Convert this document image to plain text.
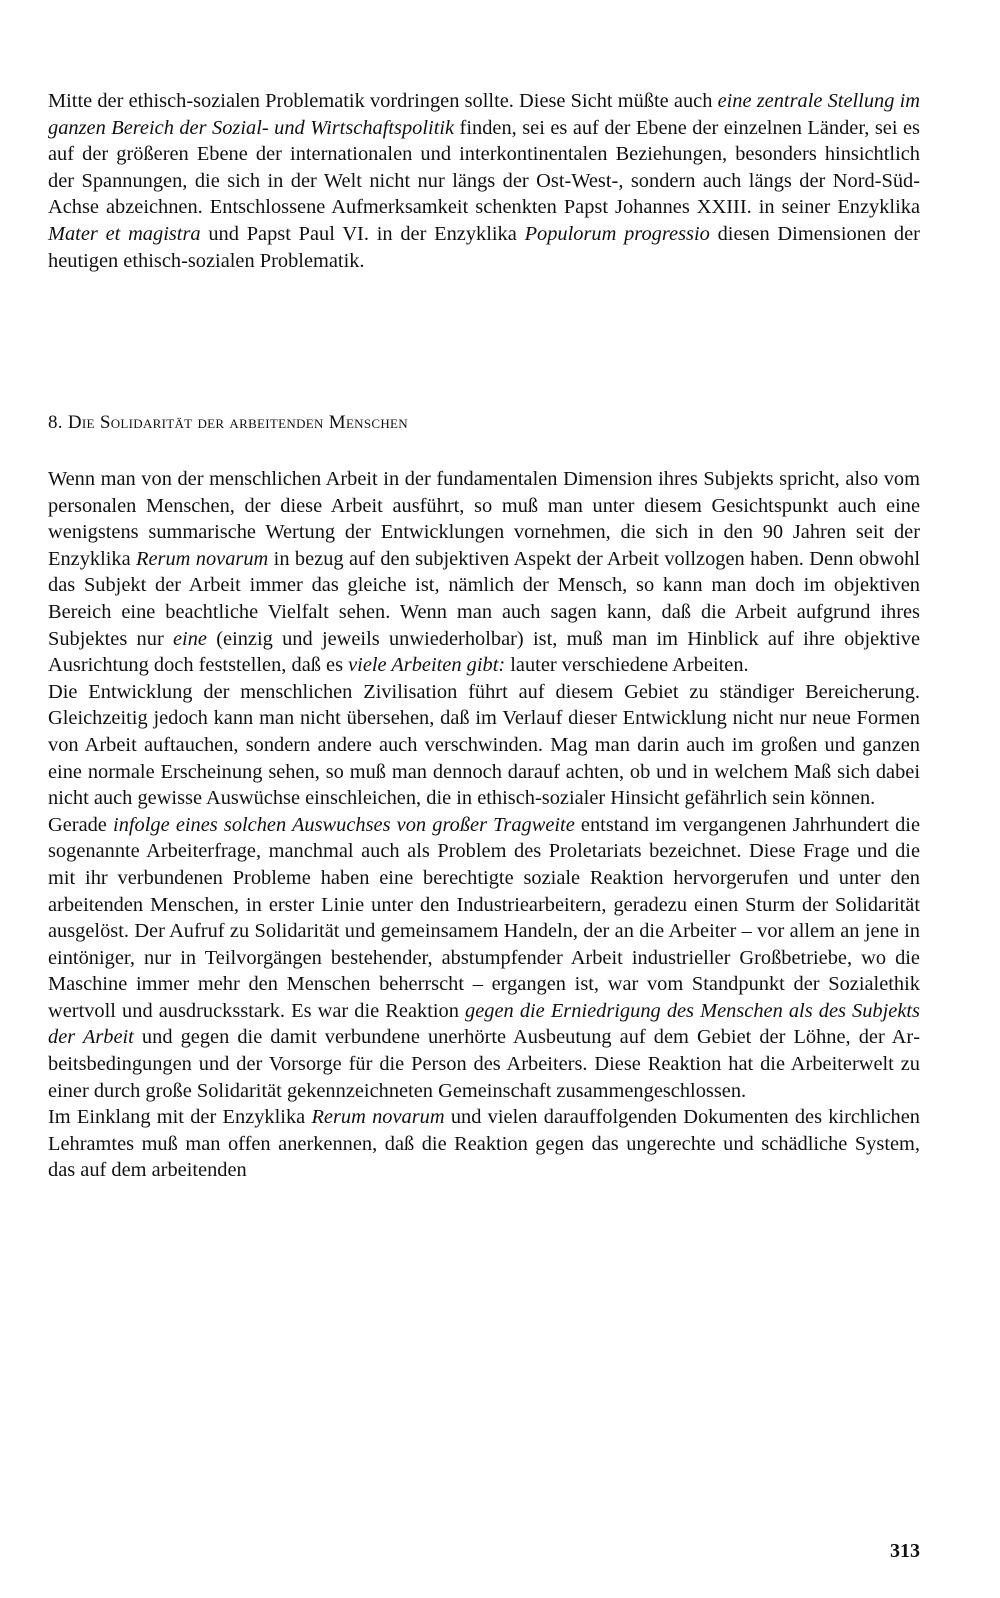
Mitte der ethisch-sozialen Problematik vordringen sollte. Diese Sicht müßte auch eine zentrale Stellung im ganzen Bereich der Sozial- und Wirtschaftspolitik finden, sei es auf der Ebene der einzelnen Länder, sei es auf der größeren Ebene der internationalen und interkontinentalen Beziehungen, besonders hinsichtlich der Spannungen, die sich in der Welt nicht nur längs der Ost-West-, sondern auch längs der Nord-Süd-Achse abzeichnen. Entschlossene Aufmerksamkeit schenkten Papst Johannes XXIII. in seiner Enzyklika Mater et magistra und Papst Paul VI. in der Enzyklika Populorum progressio diesen Dimensionen der heutigen ethisch-sozialen Problematik.

8. Die Solidarität der arbeitenden Menschen

Wenn man von der menschlichen Arbeit in der fundamentalen Dimension ihres Subjekts spricht, also vom personalen Menschen, der diese Arbeit ausführt, so muß man unter diesem Gesichtspunkt auch eine wenigstens summarische Wertung der Entwicklungen vornehmen, die sich in den 90 Jahren seit der Enzyklika Rerum novarum in bezug auf den subjektiven Aspekt der Arbeit vollzogen haben. Denn obwohl das Subjekt der Arbeit immer das gleiche ist, nämlich der Mensch, so kann man doch im objektiven Bereich eine beachtliche Vielfalt sehen. Wenn man auch sagen kann, daß die Arbeit aufgrund ihres Subjektes nur eine (einzig und jeweils unwiederholbar) ist, muß man im Hinblick auf ihre objektive Ausrichtung doch feststellen, daß es viele Arbeiten gibt: lauter verschiedene Arbeiten.

Die Entwicklung der menschlichen Zivilisation führt auf diesem Gebiet zu ständiger Bereicherung. Gleichzeitig jedoch kann man nicht übersehen, daß im Verlauf dieser Entwicklung nicht nur neue Formen von Arbeit auftauchen, sondern andere auch verschwinden. Mag man darin auch im großen und ganzen eine normale Erscheinung sehen, so muß man dennoch darauf achten, ob und in welchem Maß sich dabei nicht auch gewisse Auswüchse einschleichen, die in ethisch-sozialer Hinsicht gefährlich sein können.

Gerade infolge eines solchen Auswuchses von großer Tragweite entstand im vergangenen Jahrhundert die sogenannte Arbeiterfrage, manchmal auch als Problem des Proletariats bezeichnet. Diese Frage und die mit ihr verbundenen Probleme haben eine berechtigte soziale Reaktion hervorgerufen und unter den arbeitenden Menschen, in erster Linie unter den Industriearbeitern, geradezu einen Sturm der Solidarität ausgelöst. Der Aufruf zu Solidarität und gemeinsamem Handeln, der an die Arbeiter – vor allem an jene in eintöniger, nur in Teilvorgängen bestehender, abstumpfender Arbeit industrieller Großbetriebe, wo die Maschine immer mehr den Menschen beherrscht – ergangen ist, war vom Standpunkt der Sozialethik wertvoll und ausdrucksstark. Es war die Reaktion gegen die Erniedrigung des Menschen als des Subjekts der Arbeit und gegen die damit verbundene unerhörte Ausbeutung auf dem Gebiet der Löhne, der Arbeitsbedingungen und der Vorsorge für die Person des Arbeiters. Diese Reaktion hat die Arbeiterwelt zu einer durch große Solidarität gekennzeichneten Gemeinschaft zusammengeschlossen.

Im Einklang mit der Enzyklika Rerum novarum und vielen darauffolgenden Dokumenten des kirchlichen Lehramtes muß man offen anerkennen, daß die Reaktion gegen das ungerechte und schädliche System, das auf dem arbeitenden

313
